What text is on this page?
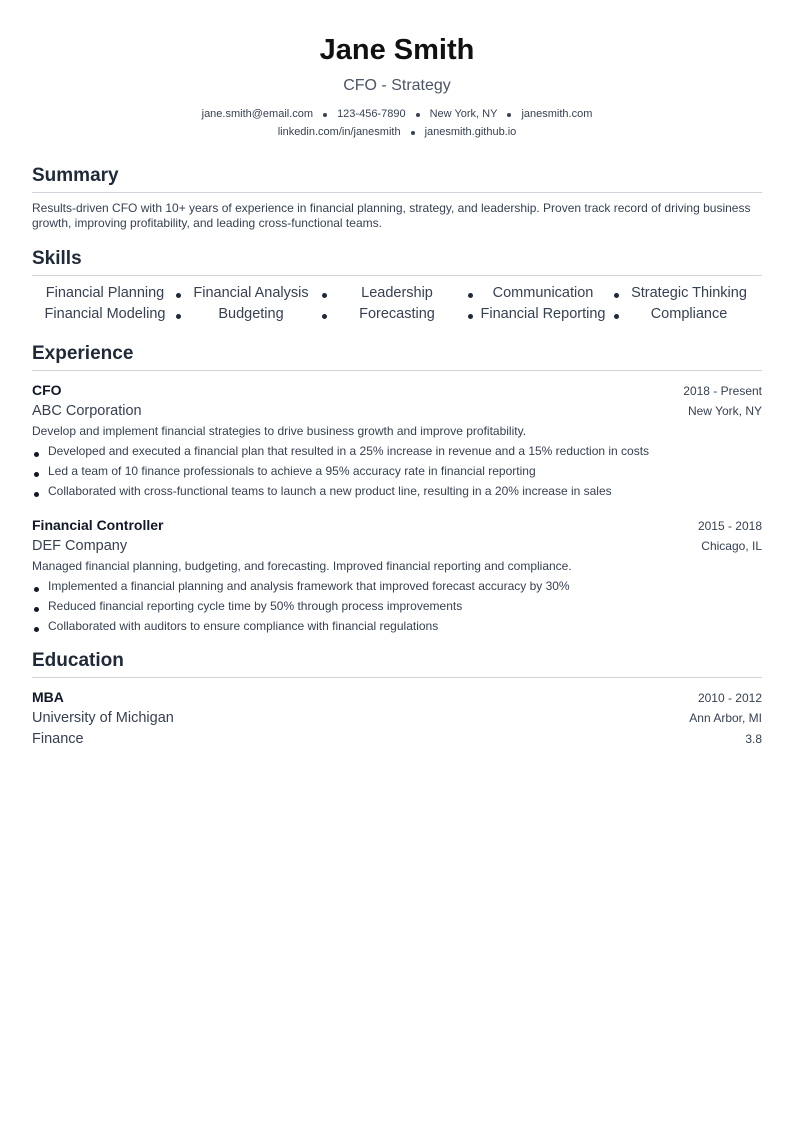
Jane Smith
CFO - Strategy
jane.smith@email.com 123-456-7890 New York, NY janesmith.com
linkedin.com/in/janesmith janesmith.github.io
Summary
Results-driven CFO with 10+ years of experience in financial planning, strategy, and leadership. Proven track record of driving business growth, improving profitability, and leading cross-functional teams.
Skills
Financial Planning	Financial Analysis	Leadership	Communication	Strategic Thinking
Financial Modeling	Budgeting	Forecasting	Financial Reporting	Compliance
Experience
CFO	2018 - Present
ABC Corporation	New York, NY
Develop and implement financial strategies to drive business growth and improve profitability.
Developed and executed a financial plan that resulted in a 25% increase in revenue and a 15% reduction in costs
Led a team of 10 finance professionals to achieve a 95% accuracy rate in financial reporting
Collaborated with cross-functional teams to launch a new product line, resulting in a 20% increase in sales
Financial Controller	2015 - 2018
DEF Company	Chicago, IL
Managed financial planning, budgeting, and forecasting. Improved financial reporting and compliance.
Implemented a financial planning and analysis framework that improved forecast accuracy by 30%
Reduced financial reporting cycle time by 50% through process improvements
Collaborated with auditors to ensure compliance with financial regulations
Education
MBA	2010 - 2012
University of Michigan	Ann Arbor, MI
Finance	3.8
